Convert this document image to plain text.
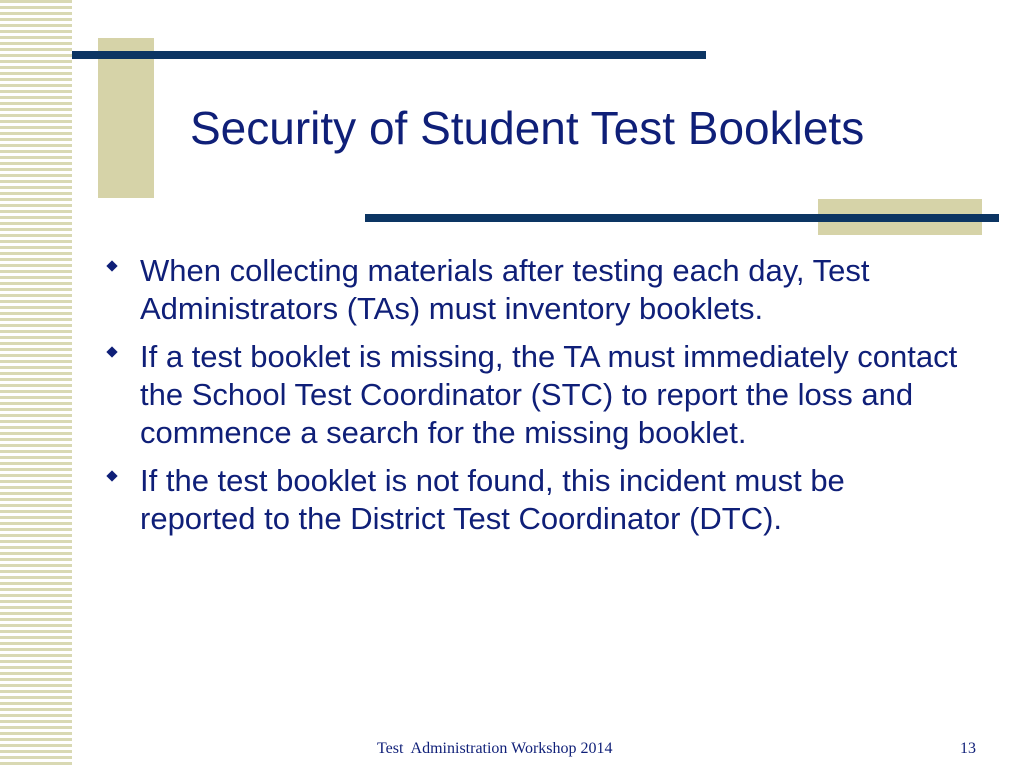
Security of Student Test Booklets
When collecting materials after testing each day, Test Administrators (TAs) must inventory booklets.
If a test booklet is missing, the TA must immediately contact the School Test Coordinator (STC) to report the loss and commence a search for the missing booklet.
If the test booklet is not found, this incident must be reported to the District Test Coordinator (DTC).
Test  Administration Workshop 2014	13
